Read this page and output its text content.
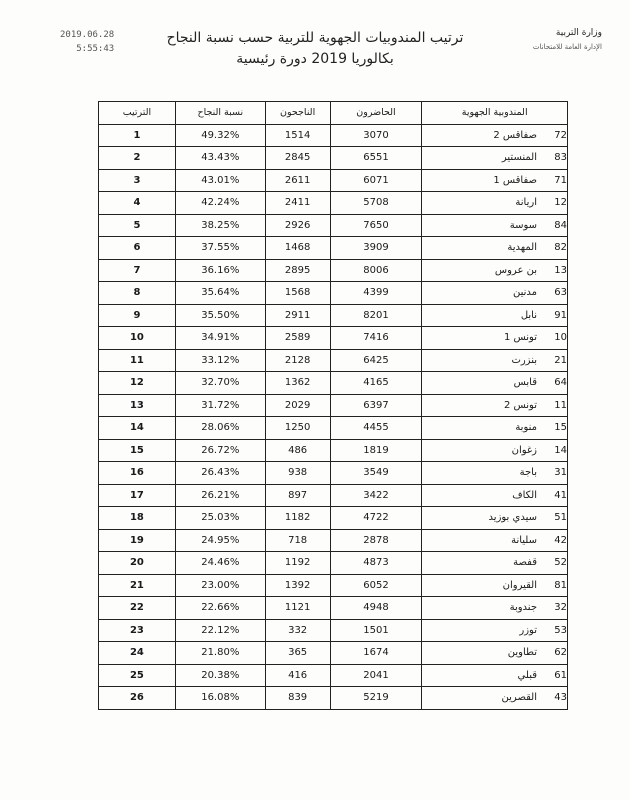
2019.06.28
5:55:43
ترتيب المندوبيات الجهوية للتربية حسب نسبة النجاح
بكالوريا 2019 دورة رئيسية
وزارة التربية
الإدارة العامة للامتحانات
المندوبية الجهوية	الحاضرون	الناجحون	نسبة النجاح	الترتيب
72صفاقس 2	3070	1514	49.32%	1
83المنستير	6551	2845	43.43%	2
71صفاقس 1	6071	2611	43.01%	3
12اريانة	5708	2411	42.24%	4
84سوسة	7650	2926	38.25%	5
82المهدية	3909	1468	37.55%	6
13بن عروس	8006	2895	36.16%	7
63مدنين	4399	1568	35.64%	8
91نابل	8201	2911	35.50%	9
10تونس 1	7416	2589	34.91%	10
21بنزرت	6425	2128	33.12%	11
64قابس	4165	1362	32.70%	12
11تونس 2	6397	2029	31.72%	13
15منوبة	4455	1250	28.06%	14
14زغوان	1819	486	26.72%	15
31باجة	3549	938	26.43%	16
41الكاف	3422	897	26.21%	17
51سيدي بوزيد	4722	1182	25.03%	18
42سليانة	2878	718	24.95%	19
52قفصة	4873	1192	24.46%	20
81القيروان	6052	1392	23.00%	21
32جندوبة	4948	1121	22.66%	22
53توزر	1501	332	22.12%	23
62تطاوين	1674	365	21.80%	24
61قبلي	2041	416	20.38%	25
43القصرين	5219	839	16.08%	26
